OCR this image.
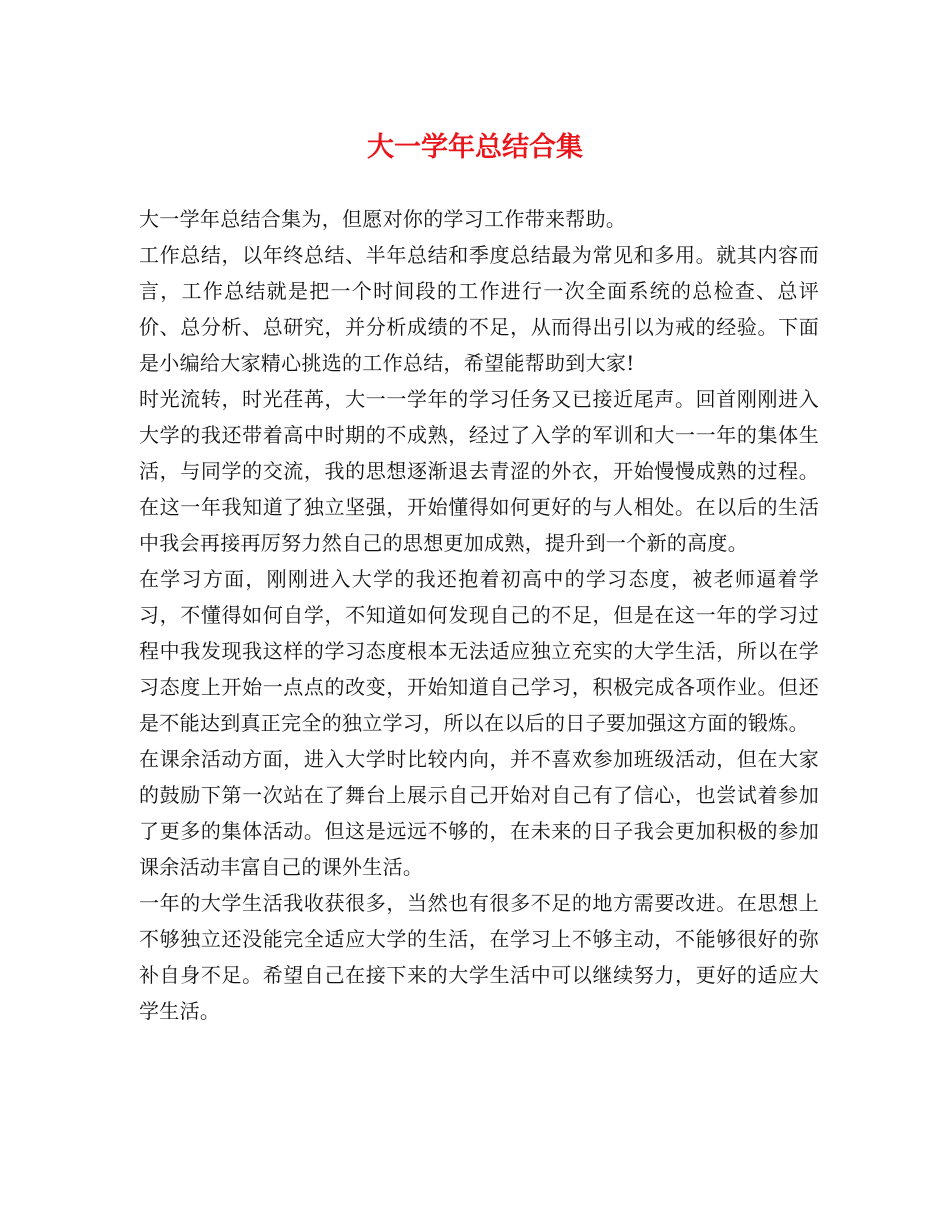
大一学年总结合集

大一学年总结合集为，但愿对你的学习工作带来帮助。

工作总结，以年终总结、半年总结和季度总结最为常见和多用。就其内容而言，工作总结就是把一个时间段的工作进行一次全面系统的总检查、总评价、总分析、总研究，并分析成绩的不足，从而得出引以为戒的经验。下面是小编给大家精心挑选的工作总结，希望能帮助到大家!

时光流转，时光荏苒，大一一学年的学习任务又已接近尾声。回首刚刚进入大学的我还带着高中时期的不成熟，经过了入学的军训和大一一年的集体生活，与同学的交流，我的思想逐渐退去青涩的外衣，开始慢慢成熟的过程。在这一年我知道了独立坚强，开始懂得如何更好的与人相处。在以后的生活中我会再接再厉努力然自己的思想更加成熟，提升到一个新的高度。

在学习方面，刚刚进入大学的我还抱着初高中的学习态度，被老师逼着学习，不懂得如何自学，不知道如何发现自己的不足，但是在这一年的学习过程中我发现我这样的学习态度根本无法适应独立充实的大学生活，所以在学习态度上开始一点点的改变，开始知道自己学习，积极完成各项作业。但还是不能达到真正完全的独立学习，所以在以后的日子要加强这方面的锻炼。

在课余活动方面，进入大学时比较内向，并不喜欢参加班级活动，但在大家的鼓励下第一次站在了舞台上展示自己开始对自己有了信心，也尝试着参加了更多的集体活动。但这是远远不够的，在未来的日子我会更加积极的参加课余活动丰富自己的课外生活。

一年的大学生活我收获很多，当然也有很多不足的地方需要改进。在思想上不够独立还没能完全适应大学的生活，在学习上不够主动，不能够很好的弥补自身不足。希望自己在接下来的大学生活中可以继续努力，更好的适应大学生活。
